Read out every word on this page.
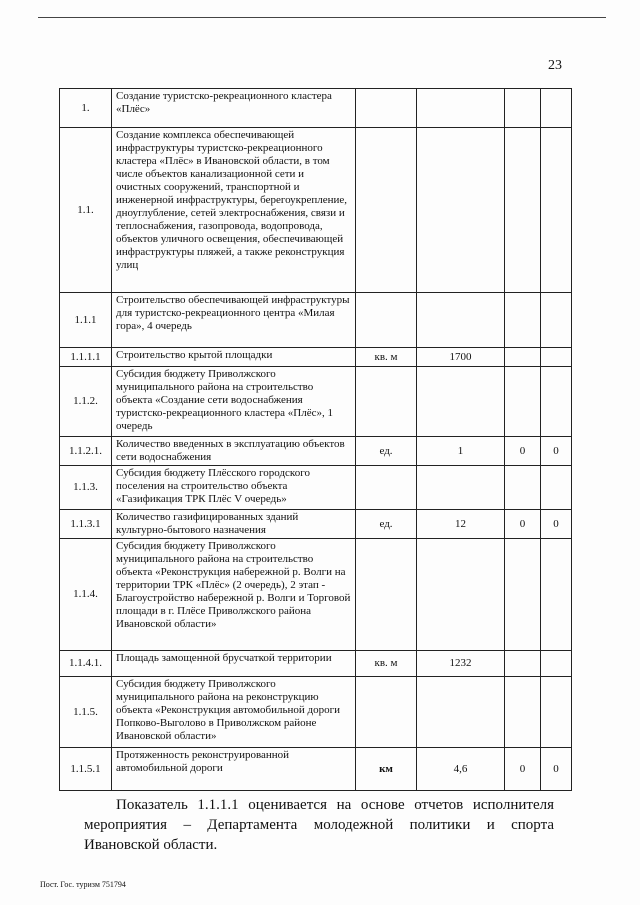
23
1.	Создание туристско-рекреационного кластера «Плёс»				
1.1.	Создание комплекса обеспечивающей инфраструктуры туристско-рекреационного кластера «Плёс» в Ивановской области, в том числе объектов канализационной сети и очистных сооружений, транспортной и инженерной инфраструктуры, берегоукрепление, дноуглубление, сетей электроснабжения, связи и теплоснабжения, газопровода, водопровода, объектов уличного освещения, обеспечивающей инфраструктуры пляжей, а также реконструкция улиц				
1.1.1	Строительство обеспечивающей инфраструктуры для туристско-рекреационного центра «Милая гора», 4 очередь				
1.1.1.1	Строительство крытой площадки	кв. м	1700		
1.1.2.	Субсидия бюджету Приволжского муниципального района на строительство объекта «Создание сети водоснабжения туристско-рекреационного кластера «Плёс», 1 очередь				
1.1.2.1.	Количество введенных в эксплуатацию объектов сети водоснабжения	ед.	1	0	0
1.1.3.	Субсидия бюджету Плёсского городского поселения на строительство объекта «Газификация ТРК Плёс V очередь»				
1.1.3.1	Количество газифицированных зданий культурно-бытового назначения	ед.	12	0	0
1.1.4.	Субсидия бюджету Приволжского муниципального района на строительство объекта «Реконструкция набережной р. Волги на территории ТРК «Плёс» (2 очередь), 2 этап - Благоустройство набережной р. Волги и Торговой площади в г. Плёсе Приволжского района Ивановской области»				
1.1.4.1.	Площадь замощенной брусчаткой территории	кв. м	1232		
1.1.5.	Субсидия бюджету Приволжского муниципального района на реконструкцию объекта «Реконструкция автомобильной дороги Попково-Выголово в Приволжском районе Ивановской области»				
1.1.5.1	Протяженность реконструированной автомобильной дороги	км	4,6	0	0
Показатель 1.1.1.1 оценивается на основе отчетов исполнителя мероприятия – Департамента молодежной политики и спорта Ивановской области.
Пост. Гос. туризм 751794
